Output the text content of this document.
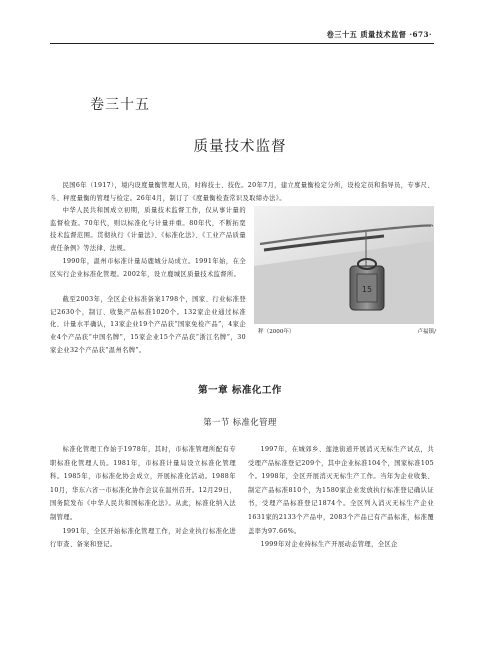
卷三十五 质量技术监督 ·673·
卷三十五
质量技术监督

民国6年（1917），境内设度量衡管理人员，时称技士、技佐。20年7月，建立度量衡检定分所，设检定员和指导员，专事尺、斗、秤度量衡的管理与检定。26年4月，制订了《度量衡检查常识及取缔办法》。

中华人民共和国成立初期，质量技术监督工作，仅从事计量的监督检查。70年代，则以标准化与计量并重。80年代，不断拓宽技术监督范围。贯彻执行《计量法》、《标准化法》、《工业产品质量责任条例》等法律、法规。

1990年，温州市标准计量局鹿城分局成立。1991年始，在全区实行企业标准化管理。2002年，设立鹿城区质量技术监督所。

截至2003年，全区企业标准备案1798个，国家、行业标准登记2630个，制订、收集产品标准1020个。132家企业通过标准化、计量水平确认，13家企业19个产品获“国家免检产品”，4家企业4个产品获“中国名牌”，15家企业15个产品获“浙江名牌”，30家企业32个产品获“温州名牌”。

15
秤（2000年）	卢福镇/
第一章 标准化工作
第一节 标准化管理

标准化管理工作始于1978年，其时，市标准管理所配有专职标准化管理人员。1981年，市标准计量局设立标准化管理科。1985年，市标准化协会成立，开展标准化活动。1988年10月，华东六省一市标准化协作会议在温州召开。12月29日，国务院发布《中华人民共和国标准化法》。从此，标准化纳入法制管理。

1991年，全区开始标准化管理工作，对企业执行标准化进行审查、备案和登记。

1997年，在城郊乡、莲池街道开展消灭无标生产试点，共受理产品标准登记209个，其中企业标准104个，国家标准105个。1998年，全区开展消灭无标生产工作。当年为企业收集、制定产品标准810个，为1580家企业发放执行标准登记确认证书，受理产品标准登记1874个。全区列入消灭无标生产企业1631家的2133个产品中，2083个产品已有产品标准，标准覆盖率为97.66%。

1999年对企业持标生产开展动态管理，全区企
